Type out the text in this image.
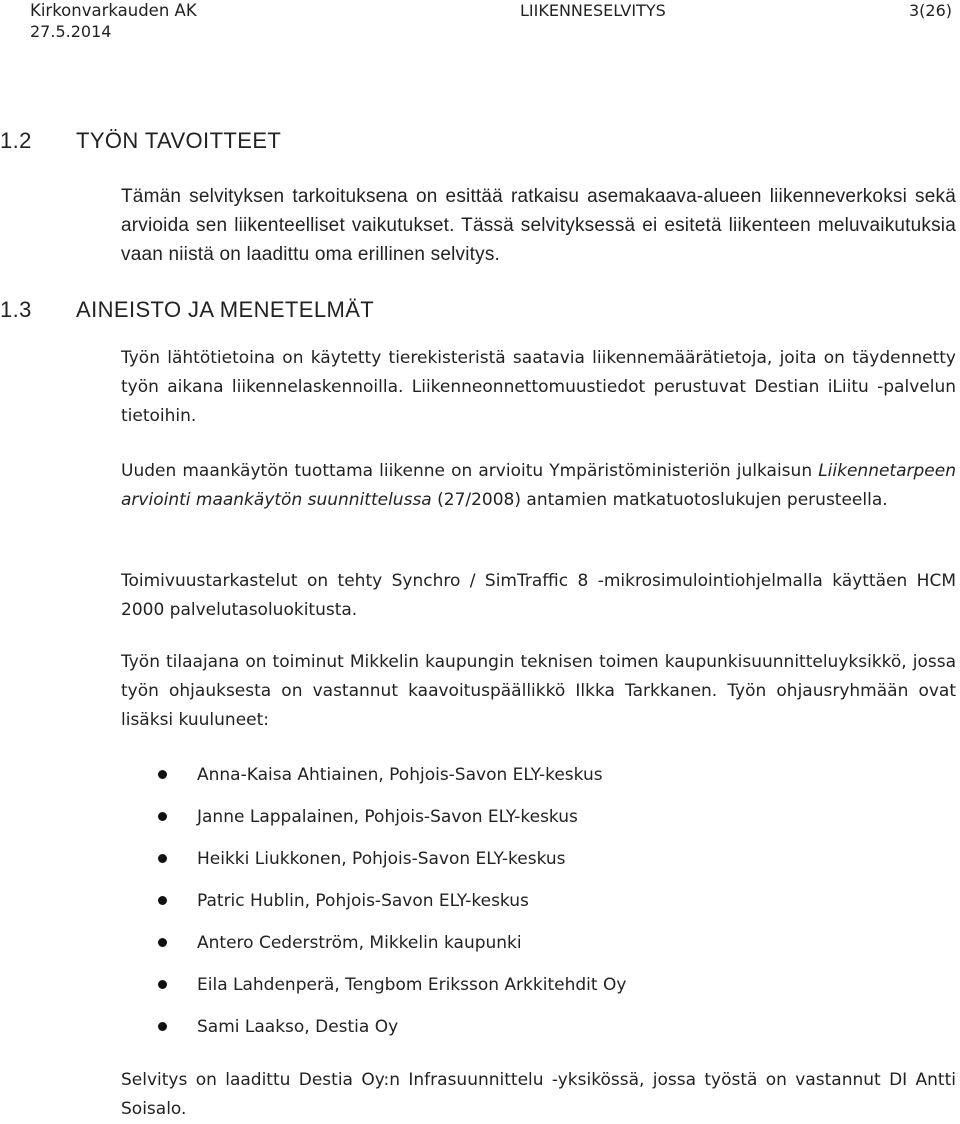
Kirkonvarkauden AK
27.5.2014
LIIKENNESELVITYS	3(26)
1.2 TYÖN TAVOITTEET

Tämän selvityksen tarkoituksena on esittää ratkaisu asemakaava-alueen liikenneverkoksi sekä arvioida sen liikenteelliset vaikutukset. Tässä selvityksessä ei esitetä liikenteen meluvaikutuksia vaan niistä on laadittu oma erillinen selvitys.

1.3 AINEISTO JA MENETELMÄT

Työn lähtötietoina on käytetty tierekisteristä saatavia liikennemäärätietoja, joita on täydennetty työn aikana liikennelaskennoilla. Liikenneonnettomuustiedot perustuvat Destian iLiitu -palvelun tietoihin.

Uuden maankäytön tuottama liikenne on arvioitu Ympäristöministeriön julkaisun Liikennetarpeen arviointi maankäytön suunnittelussa (27/2008) antamien matkatuotoslukujen perusteella.

Toimivuustarkastelut on tehty Synchro / SimTraffic 8 -mikrosimulointiohjelmalla käyttäen HCM 2000 palvelutasoluokitusta.

Työn tilaajana on toiminut Mikkelin kaupungin teknisen toimen kaupunkisuunnitteluyksikkö, jossa työn ohjauksesta on vastannut kaavoituspäällikkö Ilkka Tarkkanen. Työn ohjausryhmään ovat lisäksi kuuluneet:

Anna-Kaisa Ahtiainen, Pohjois-Savon ELY-keskus
Janne Lappalainen, Pohjois-Savon ELY-keskus
Heikki Liukkonen, Pohjois-Savon ELY-keskus
Patric Hublin, Pohjois-Savon ELY-keskus
Antero Cederström, Mikkelin kaupunki
Eila Lahdenperä, Tengbom Eriksson Arkkitehdit Oy
Sami Laakso, Destia Oy

Selvitys on laadittu Destia Oy:n Infrasuunnittelu -yksikössä, jossa työstä on vastannut DI Antti Soisalo.
